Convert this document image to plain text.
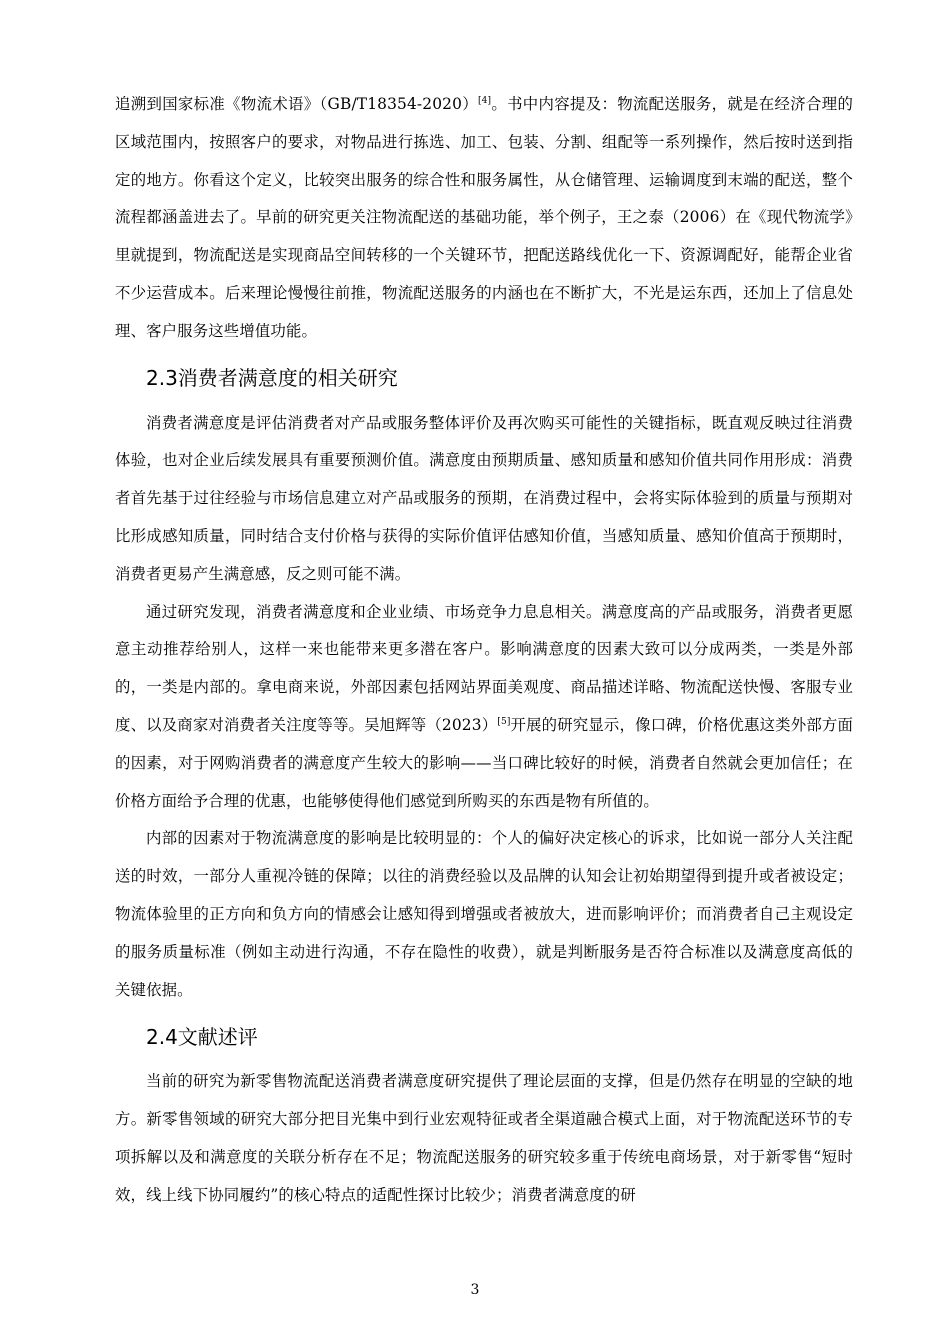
追溯到国家标准《物流术语》（GB/T18354-2020）[4]。书中内容提及：物流配送服务，就是在经济合理的区域范围内，按照客户的要求，对物品进行拣选、加工、包装、分割、组配等一系列操作，然后按时送到指定的地方。你看这个定义，比较突出服务的综合性和服务属性，从仓储管理、运输调度到末端的配送，整个流程都涵盖进去了。早前的研究更关注物流配送的基础功能，举个例子，王之泰（2006）在《现代物流学》里就提到，物流配送是实现商品空间转移的一个关键环节，把配送路线优化一下、资源调配好，能帮企业省不少运营成本。后来理论慢慢往前推，物流配送服务的内涵也在不断扩大，不光是运东西，还加上了信息处理、客户服务这些增值功能。

2.3消费者满意度的相关研究

消费者满意度是评估消费者对产品或服务整体评价及再次购买可能性的关键指标，既直观反映过往消费体验，也对企业后续发展具有重要预测价值。满意度由预期质量、感知质量和感知价值共同作用形成：消费者首先基于过往经验与市场信息建立对产品或服务的预期，在消费过程中，会将实际体验到的质量与预期对比形成感知质量，同时结合支付价格与获得的实际价值评估感知价值，当感知质量、感知价值高于预期时，消费者更易产生满意感，反之则可能不满。

通过研究发现，消费者满意度和企业业绩、市场竞争力息息相关。满意度高的产品或服务，消费者更愿意主动推荐给别人，这样一来也能带来更多潜在客户。影响满意度的因素大致可以分成两类，一类是外部的，一类是内部的。拿电商来说，外部因素包括网站界面美观度、商品描述详略、物流配送快慢、客服专业度、以及商家对消费者关注度等等。吴旭辉等（2023）[5]开展的研究显示，像口碑，价格优惠这类外部方面的因素，对于网购消费者的满意度产生较大的影响——当口碑比较好的时候，消费者自然就会更加信任；在价格方面给予合理的优惠，也能够使得他们感觉到所购买的东西是物有所值的。

内部的因素对于物流满意度的影响是比较明显的：个人的偏好决定核心的诉求，比如说一部分人关注配送的时效，一部分人重视冷链的保障；以往的消费经验以及品牌的认知会让初始期望得到提升或者被设定；物流体验里的正方向和负方向的情感会让感知得到增强或者被放大，进而影响评价；而消费者自己主观设定的服务质量标准（例如主动进行沟通，不存在隐性的收费），就是判断服务是否符合标准以及满意度高低的关键依据。

2.4文献述评

当前的研究为新零售物流配送消费者满意度研究提供了理论层面的支撑，但是仍然存在明显的空缺的地方。新零售领域的研究大部分把目光集中到行业宏观特征或者全渠道融合模式上面，对于物流配送环节的专项拆解以及和满意度的关联分析存在不足；物流配送服务的研究较多重于传统电商场景，对于新零售“短时效，线上线下协同履约”的核心特点的适配性探讨比较少；消费者满意度的研

3
